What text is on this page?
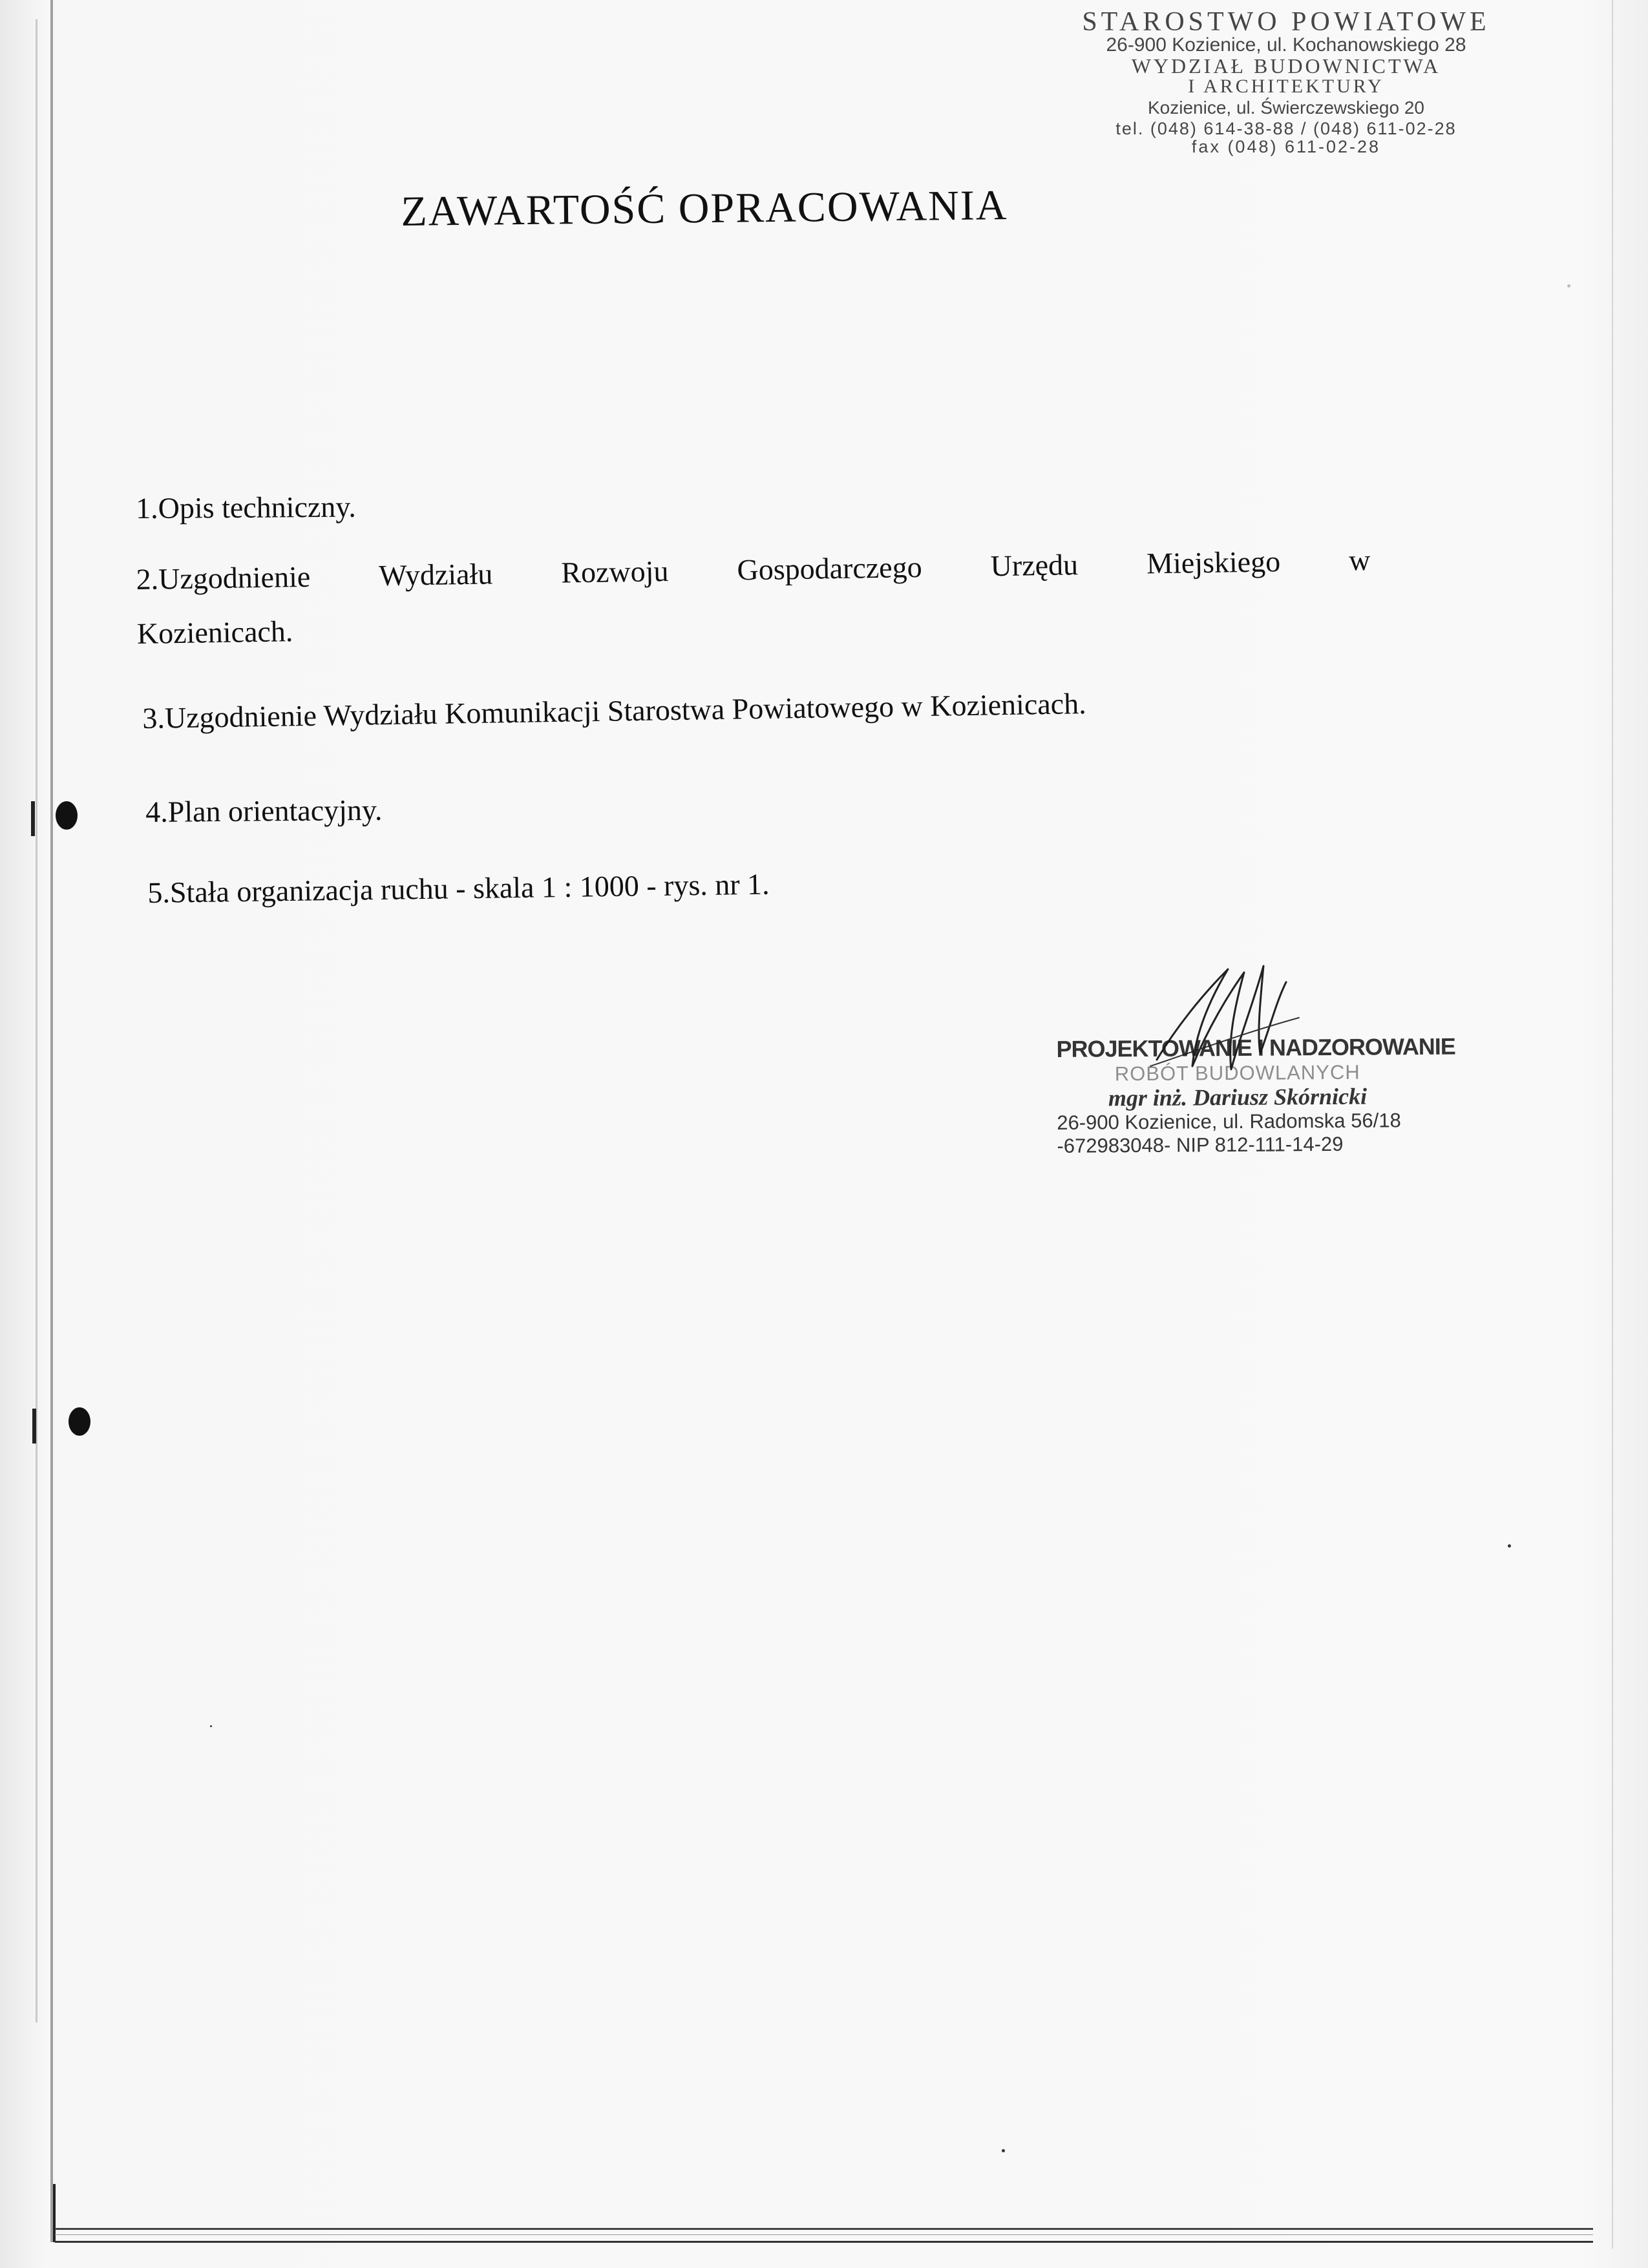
STAROSTWO POWIATOWE
26-900 Kozienice, ul. Kochanowskiego 28
WYDZIAŁ BUDOWNICTWA
I ARCHITEKTURY
Kozienice, ul. Świerczewskiego 20
tel. (048) 614-38-88 / (048) 611-02-28
fax (048) 611-02-28
ZAWARTOŚĆ OPRACOWANIA
1.Opis techniczny.
2.Uzgodnienie Wydziału Rozwoju Gospodarczego Urzędu Miejskiego w
Kozienicach.
3.Uzgodnienie Wydziału Komunikacji Starostwa Powiatowego w Kozienicach.
4.Plan orientacyjny.
5.Stała organizacja ruchu - skala 1 : 1000 - rys. nr 1.
PROJEKTOWANIE I NADZOROWANIE
ROBÓT BUDOWLANYCH
mgr inż. Dariusz Skórnicki
26-900 Kozienice, ul. Radomska 56/18
-672983048- NIP 812-111-14-29
